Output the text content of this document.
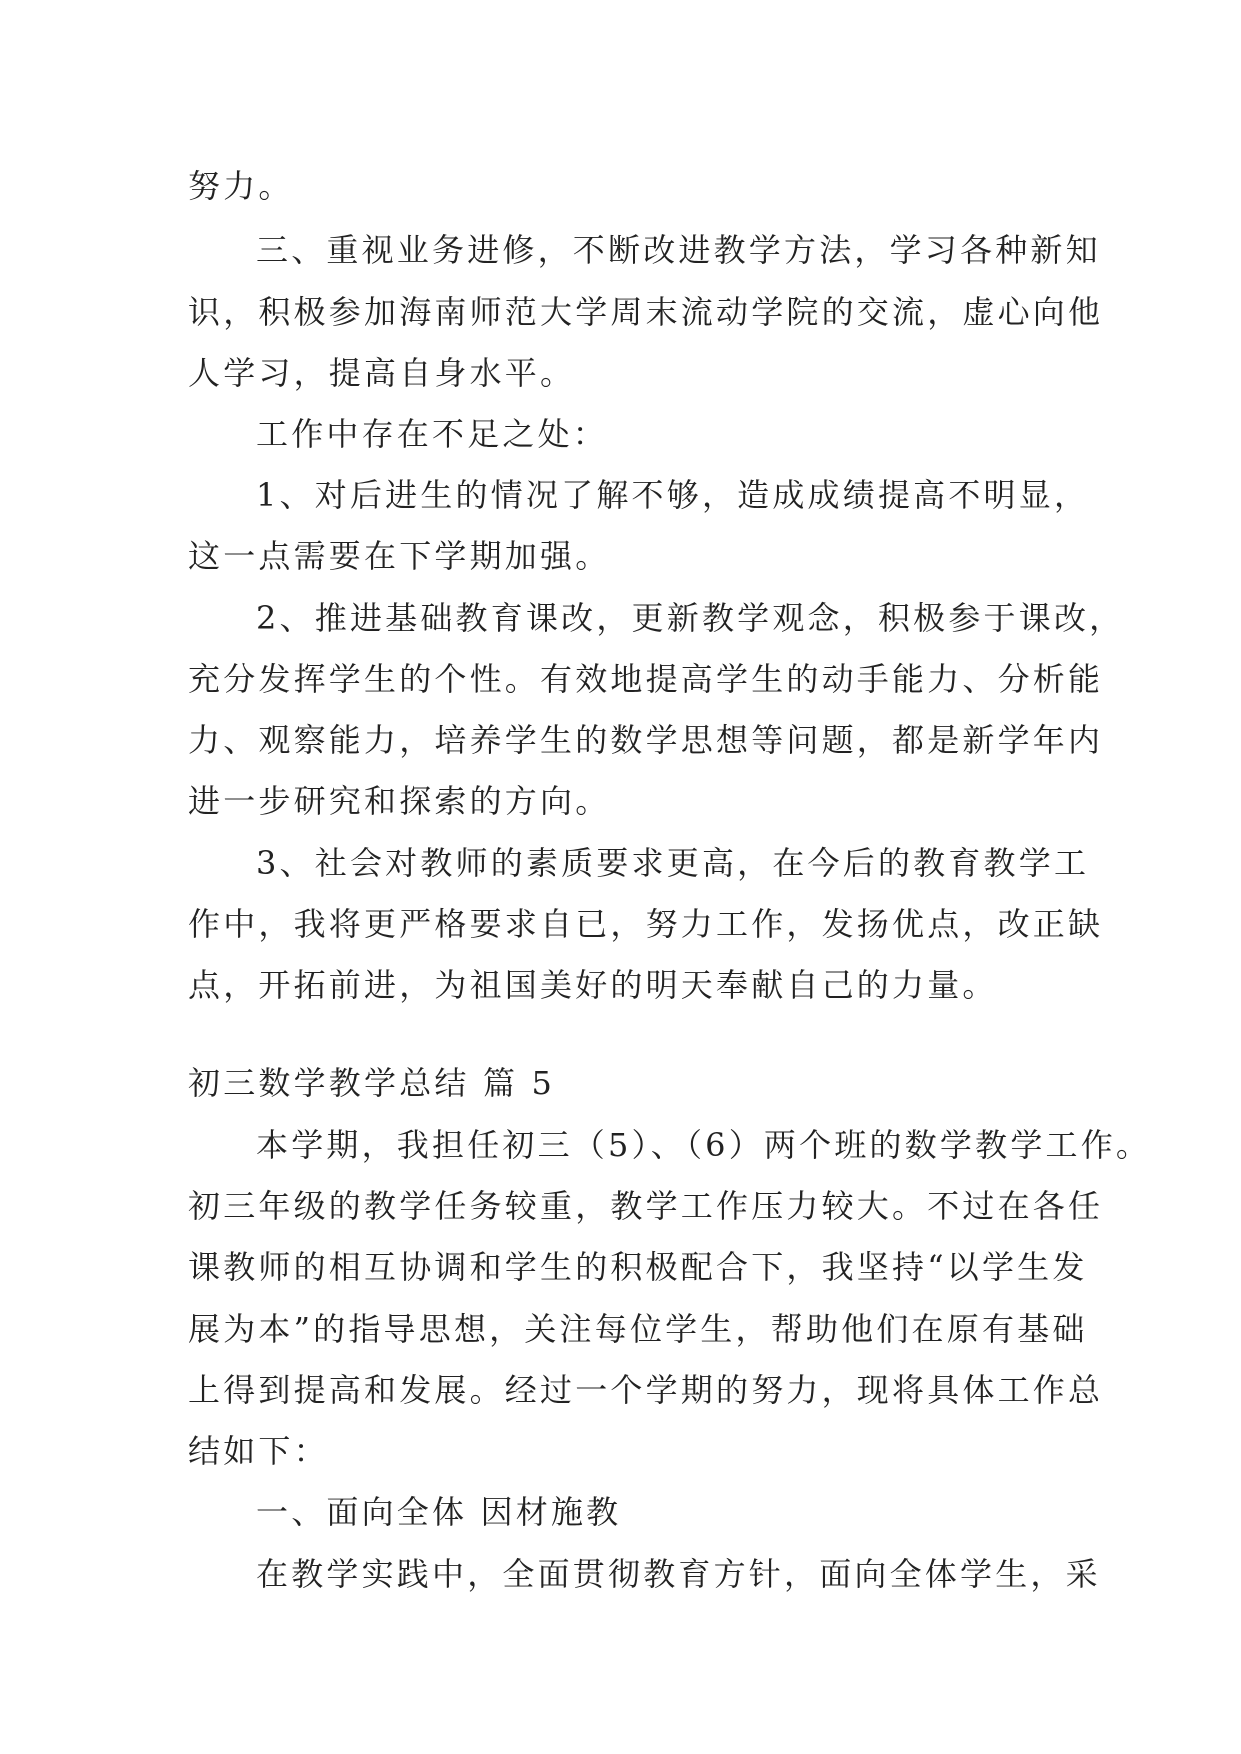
努力。
三、重视业务进修，不断改进教学方法，学习各种新知
识，积极参加海南师范大学周末流动学院的交流，虚心向他
人学习，提高自身水平。
工作中存在不足之处：
1、对后进生的情况了解不够，造成成绩提高不明显，
这一点需要在下学期加强。
2、推进基础教育课改，更新教学观念，积极参于课改，
充分发挥学生的个性。有效地提高学生的动手能力、分析能
力、观察能力，培养学生的数学思想等问题，都是新学年内
进一步研究和探索的方向。
3、社会对教师的素质要求更高，在今后的教育教学工
作中，我将更严格要求自已，努力工作，发扬优点，改正缺
点，开拓前进，为祖国美好的明天奉献自己的力量。
初三数学教学总结 篇 5
本学期，我担任初三（5）、（6）两个班的数学教学工作。
初三年级的教学任务较重，教学工作压力较大。不过在各任
课教师的相互协调和学生的积极配合下，我坚持“以学生发
展为本”的指导思想，关注每位学生，帮助他们在原有基础
上得到提高和发展。经过一个学期的努力，现将具体工作总
结如下：
一、面向全体 因材施教
在教学实践中，全面贯彻教育方针，面向全体学生，采
